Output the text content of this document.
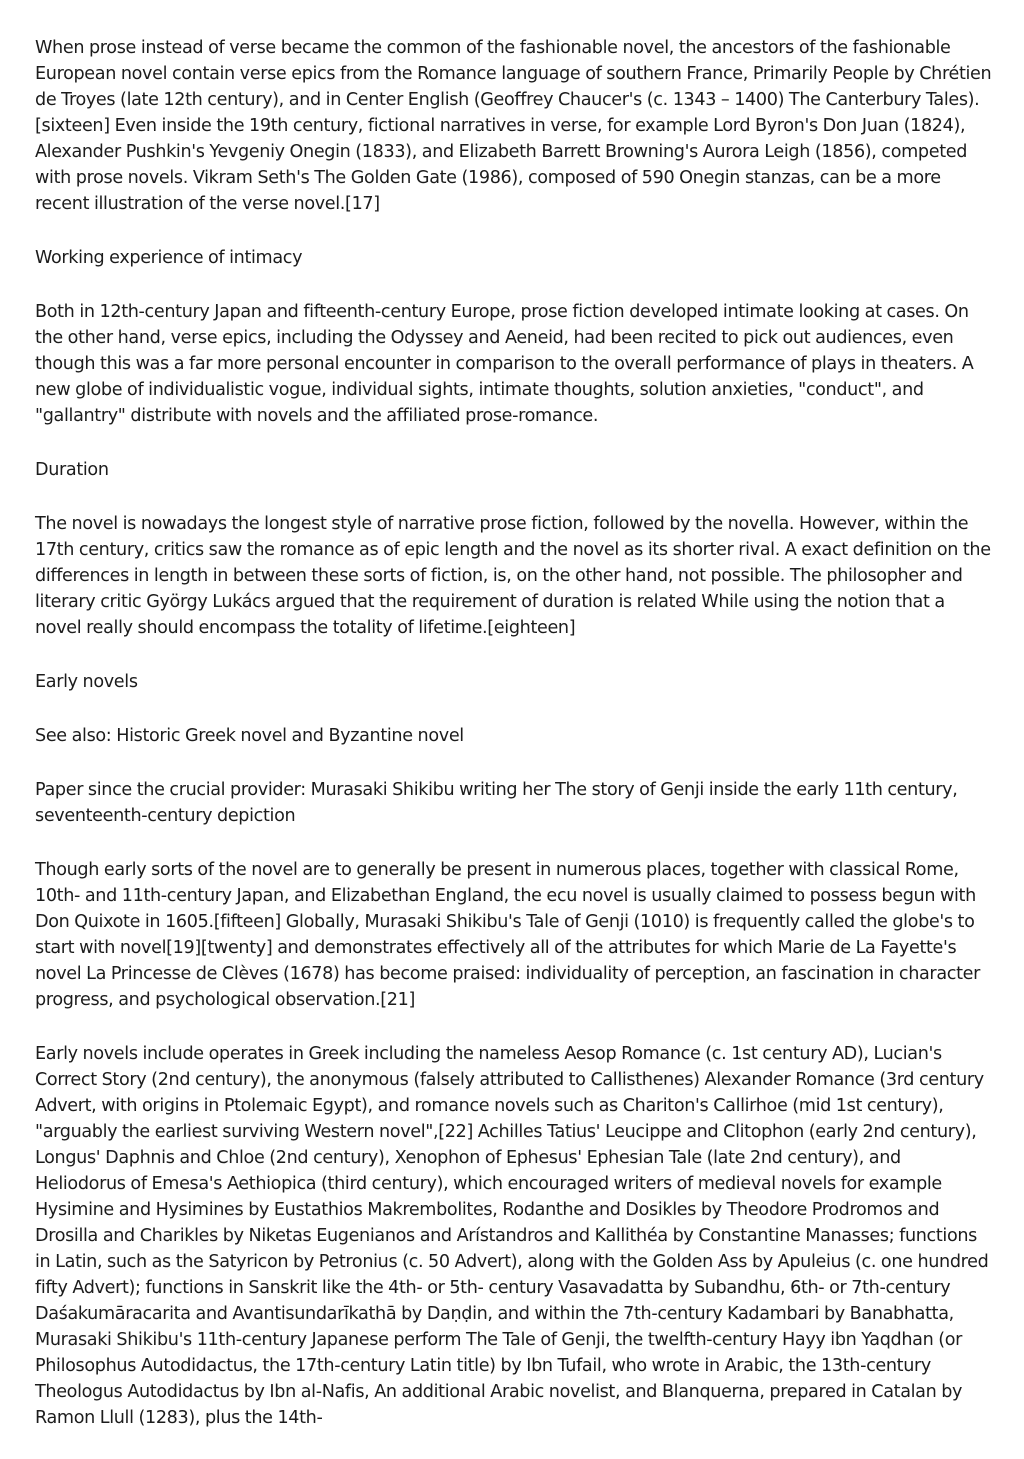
When prose instead of verse became the common of the fashionable novel, the ancestors of the fashionable European novel contain verse epics from the Romance language of southern France, Primarily People by Chrétien de Troyes (late 12th century), and in Center English (Geoffrey Chaucer's (c. 1343 – 1400) The Canterbury Tales).[sixteen] Even inside the 19th century, fictional narratives in verse, for example Lord Byron's Don Juan (1824), Alexander Pushkin's Yevgeniy Onegin (1833), and Elizabeth Barrett Browning's Aurora Leigh (1856), competed with prose novels. Vikram Seth's The Golden Gate (1986), composed of 590 Onegin stanzas, can be a more recent illustration of the verse novel.[17]

Working experience of intimacy

Both in 12th-century Japan and fifteenth-century Europe, prose fiction developed intimate looking at cases. On the other hand, verse epics, including the Odyssey and Aeneid, had been recited to pick out audiences, even though this was a far more personal encounter in comparison to the overall performance of plays in theaters. A new globe of individualistic vogue, individual sights, intimate thoughts, solution anxieties, "conduct", and "gallantry" distribute with novels and the affiliated prose-romance.

Duration

The novel is nowadays the longest style of narrative prose fiction, followed by the novella. However, within the 17th century, critics saw the romance as of epic length and the novel as its shorter rival. A exact definition on the differences in length in between these sorts of fiction, is, on the other hand, not possible. The philosopher and literary critic György Lukács argued that the requirement of duration is related While using the notion that a novel really should encompass the totality of lifetime.[eighteen]

Early novels

See also: Historic Greek novel and Byzantine novel

Paper since the crucial provider: Murasaki Shikibu writing her The story of Genji inside the early 11th century, seventeenth-century depiction

Though early sorts of the novel are to generally be present in numerous places, together with classical Rome, 10th- and 11th-century Japan, and Elizabethan England, the ecu novel is usually claimed to possess begun with Don Quixote in 1605.[fifteen] Globally, Murasaki Shikibu's Tale of Genji (1010) is frequently called the globe's to start with novel[19][twenty] and demonstrates effectively all of the attributes for which Marie de La Fayette's novel La Princesse de Clèves (1678) has become praised: individuality of perception, an fascination in character progress, and psychological observation.[21]

Early novels include operates in Greek including the nameless Aesop Romance (c. 1st century AD), Lucian's Correct Story (2nd century), the anonymous (falsely attributed to Callisthenes) Alexander Romance (3rd century Advert, with origins in Ptolemaic Egypt), and romance novels such as Chariton's Callirhoe (mid 1st century), "arguably the earliest surviving Western novel",[22] Achilles Tatius' Leucippe and Clitophon (early 2nd century), Longus' Daphnis and Chloe (2nd century), Xenophon of Ephesus' Ephesian Tale (late 2nd century), and Heliodorus of Emesa's Aethiopica (third century), which encouraged writers of medieval novels for example Hysimine and Hysimines by Eustathios Makrembolites, Rodanthe and Dosikles by Theodore Prodromos and Drosilla and Charikles by Niketas Eugenianos and Arístandros and Kallithéa by Constantine Manasses; functions in Latin, such as the Satyricon by Petronius (c. 50 Advert), along with the Golden Ass by Apuleius (c. one hundred fifty Advert); functions in Sanskrit like the 4th- or 5th- century Vasavadatta by Subandhu, 6th- or 7th-century Daśakumāracarita and Avantisundarīkathā by Daṇḍin, and within the 7th-century Kadambari by Banabhatta, Murasaki Shikibu's 11th-century Japanese perform The Tale of Genji, the twelfth-century Hayy ibn Yaqdhan (or Philosophus Autodidactus, the 17th-century Latin title) by Ibn Tufail, who wrote in Arabic, the 13th-century Theologus Autodidactus by Ibn al-Nafis, An additional Arabic novelist, and Blanquerna, prepared in Catalan by Ramon Llull (1283), plus the 14th-
